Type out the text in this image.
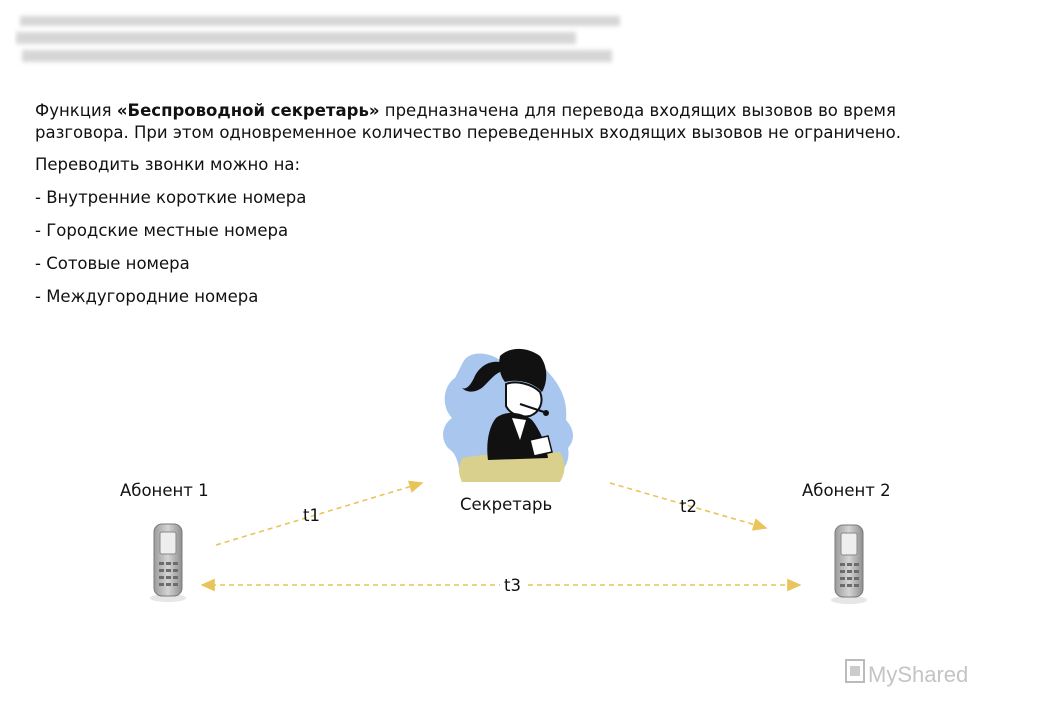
Функция «Беспроводной секретарь» предназначена для перевода входящих вызовов во время разговора. При этом одновременное количество переведенных входящих вызовов не ограничено.

Переводить звонки можно на:

- Внутренние короткие номера

- Городские местные номера

- Сотовые номера

- Междугородние номера

Абонент 1	Абонент 2
Секретарь
t1	t2
t3
MyShared
